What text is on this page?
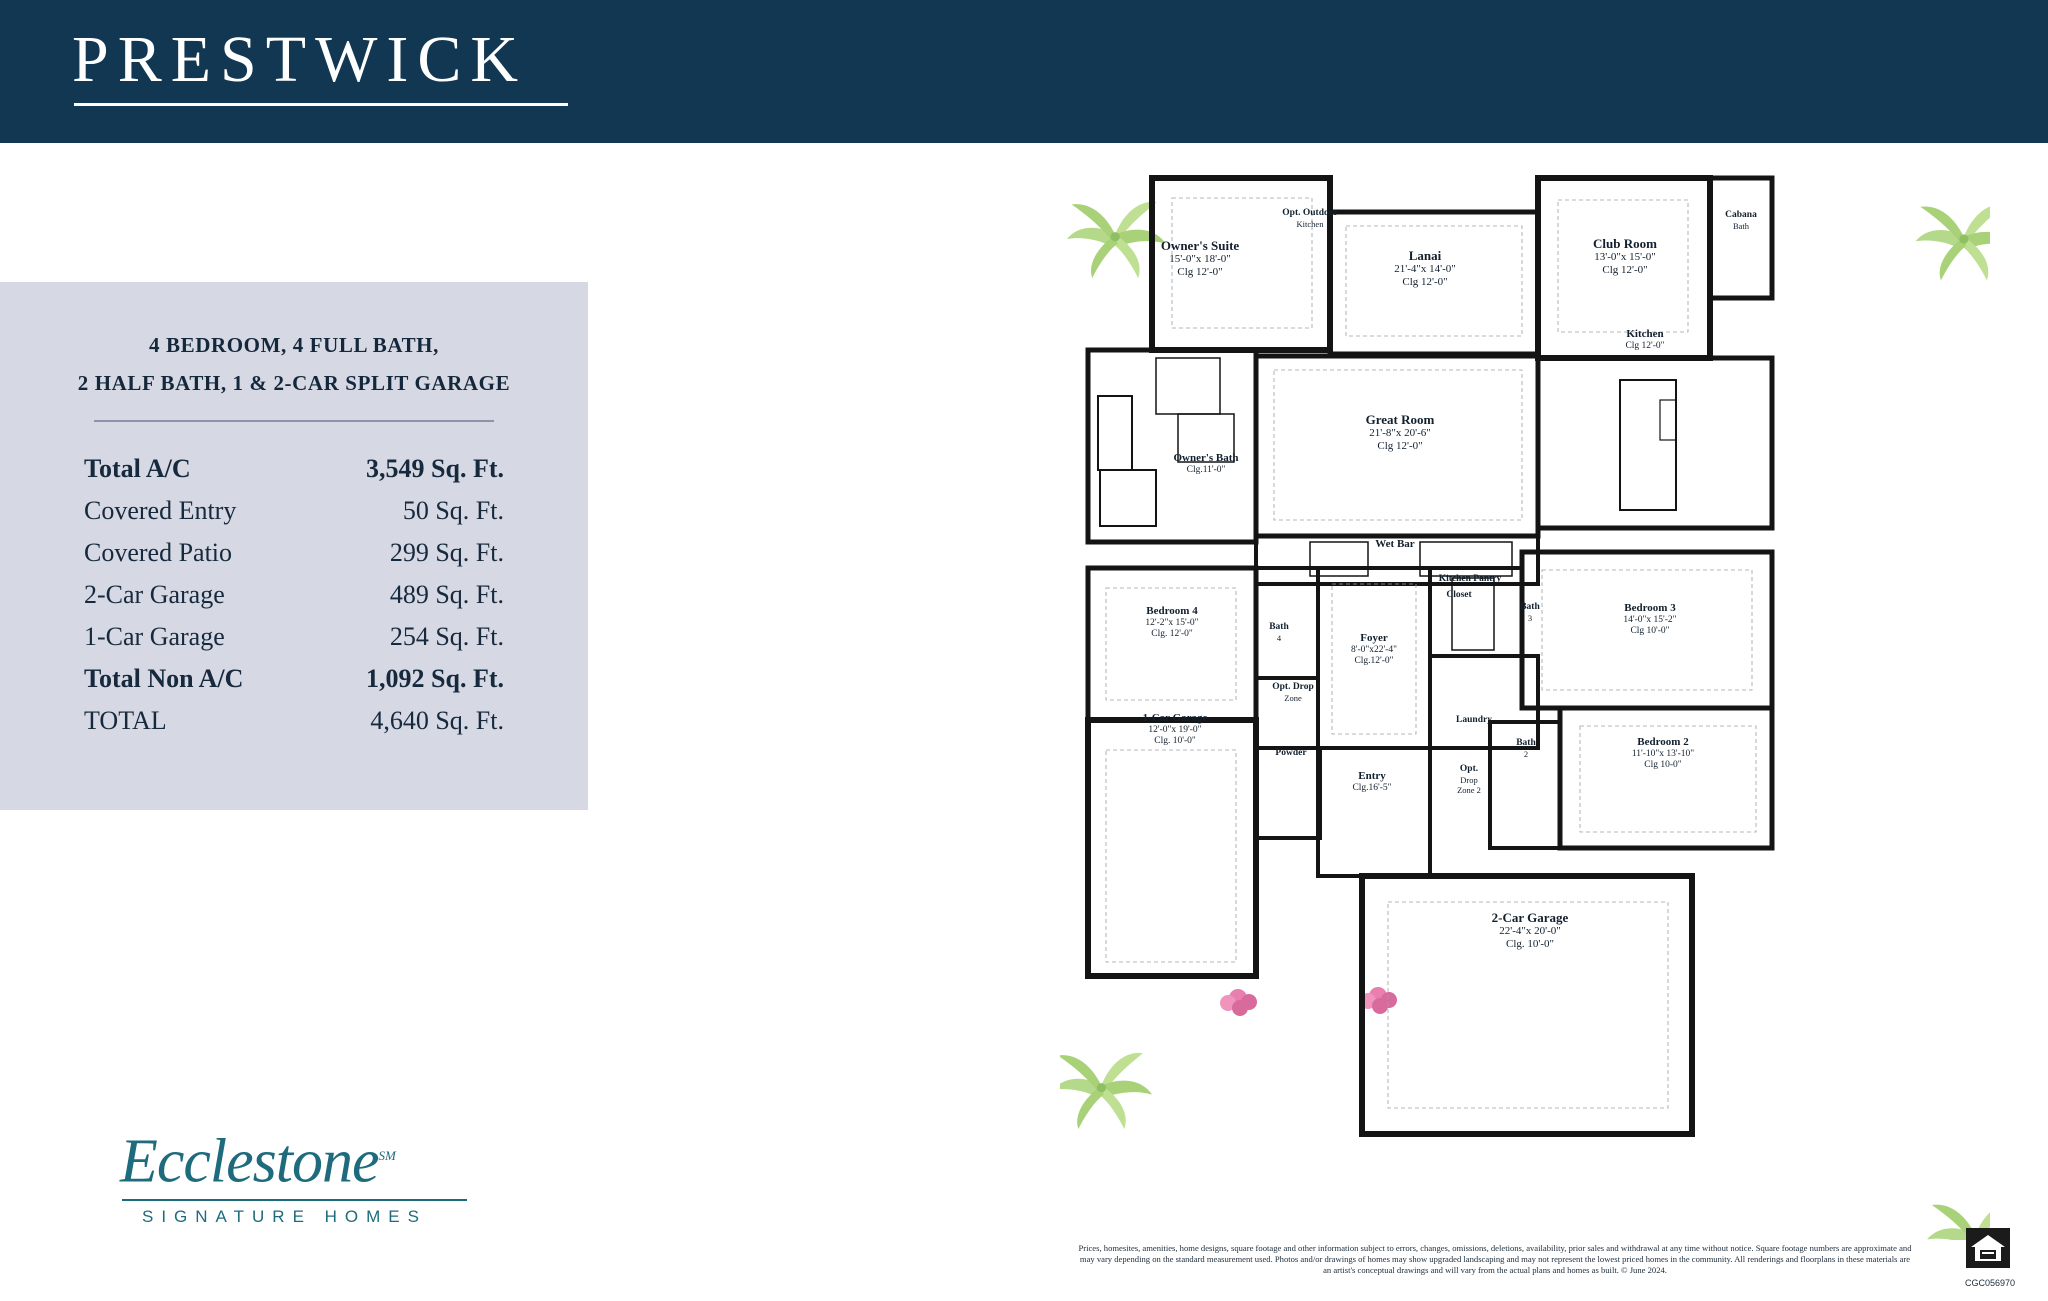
PRESTWICK
4 BEDROOM, 4 FULL BATH,
2 HALF BATH, 1 & 2-CAR SPLIT GARAGE
Total A/C	3,549 Sq. Ft.
Covered Entry	50 Sq. Ft.
Covered Patio	299 Sq. Ft.
2-Car Garage	489 Sq. Ft.
1-Car Garage	254 Sq. Ft.
Total Non A/C	1,092 Sq. Ft.
TOTAL	4,640 Sq. Ft.
Ecclestone℠
SIGNATURE HOMES
Owner's Suite
15'-0"x 18'-0"
Clg 12'-0"
Opt. Outdoor
Kitchen
Lanai
21'-4"x 14'-0"
Clg 12'-0"
Club Room
13'-0"x 15'-0"
Clg 12'-0"
Cabana
Bath
Kitchen
Clg 12'-0"
Great Room
21'-8"x 20'-6"
Clg 12'-0"
Owner's Bath
Clg.11'-0"
Wet Bar
Kitchen Pantry
Bedroom 4
12'-2"x 15'-0"
Clg. 12'-0"
Bath
4	Foyer
8'-0"x22'-4"
Clg.12'-0"
Closet
Bath
3
Bedroom 3
14'-0"x 15'-2"
Clg 10'-0"
Opt. Drop
Zone
Laundry
1-Car Garage
12'-0"x 19'-0"
Clg. 10'-0"
Powder
Entry
Clg.16'-5"
Opt.
Drop
Zone 2
Bath
2
Bedroom 2
11'-10"x 13'-10"
Clg 10-0"
2-Car Garage
22'-4"x 20'-0"
Clg. 10'-0"
Prices, homesites, amenities, home designs, square footage and other information subject to errors, changes, omissions, deletions, availability, prior sales and withdrawal at any time without notice. Square footage numbers are approximate and may vary depending on the standard measurement used. Photos and/or drawings of homes may show upgraded landscaping and may not represent the lowest priced homes in the community. All renderings and floorplans in these materials are an artist's conceptual drawings and will vary from the actual plans and homes as built. © June 2024.
CGC056970
